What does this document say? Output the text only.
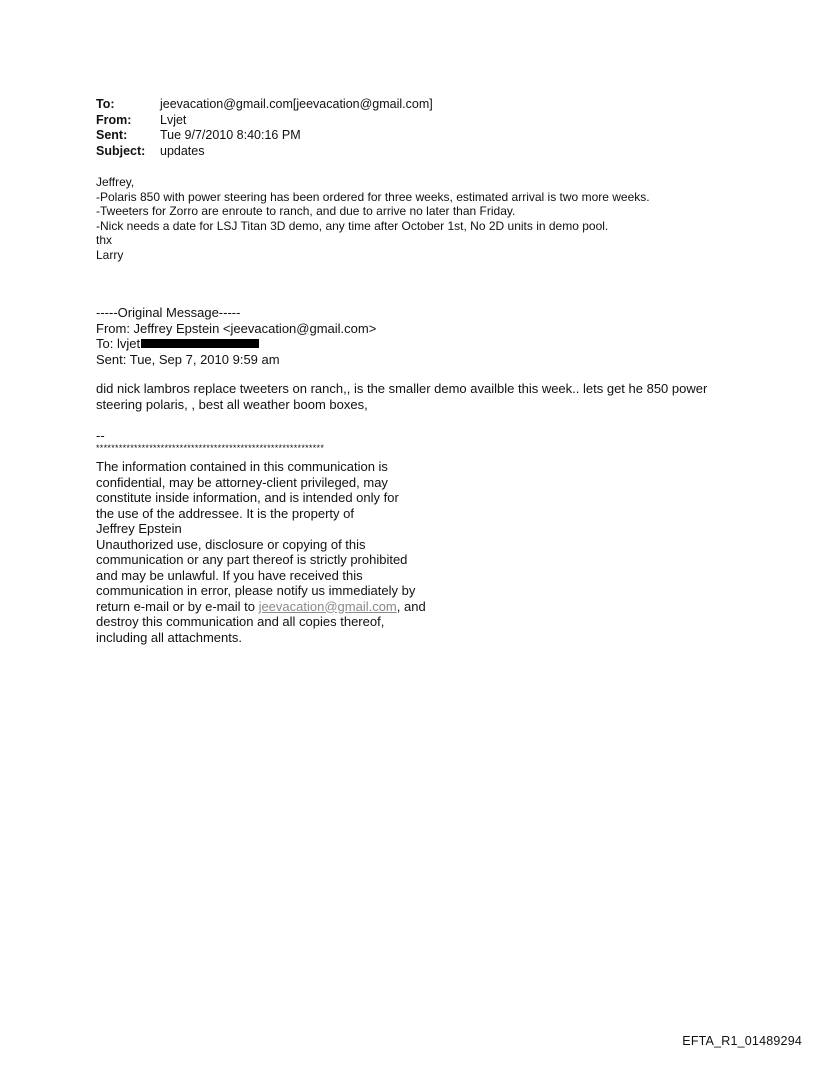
To:	jeevacation@gmail.com[jeevacation@gmail.com]
From:	Lvjet
Sent:	Tue 9/7/2010 8:40:16 PM
Subject:	updates
Jeffrey,
-Polaris 850 with power steering has been ordered for three weeks, estimated arrival is two more weeks.
-Tweeters for Zorro are enroute to ranch, and due to arrive no later than Friday.
-Nick needs a date for LSJ Titan 3D demo, any time after October 1st, No 2D units in demo pool.
thx
Larry
-----Original Message-----
From: Jeffrey Epstein <jeevacation@gmail.com>
To: lvjet
Sent: Tue, Sep 7, 2010 9:59 am
did nick lambros replace tweeters on ranch,, is the smaller demo availble this week.. lets get he 850 power steering polaris, , best all weather boom boxes,
--
************************************************************
The information contained in this communication is
confidential, may be attorney-client privileged, may
constitute inside information, and is intended only for
the use of the addressee. It is the property of
Jeffrey Epstein
Unauthorized use, disclosure or copying of this
communication or any part thereof is strictly prohibited
and may be unlawful. If you have received this
communication in error, please notify us immediately by
return e-mail or by e-mail to jeevacation@gmail.com, and
destroy this communication and all copies thereof,
including all attachments.
EFTA_R1_01489294
